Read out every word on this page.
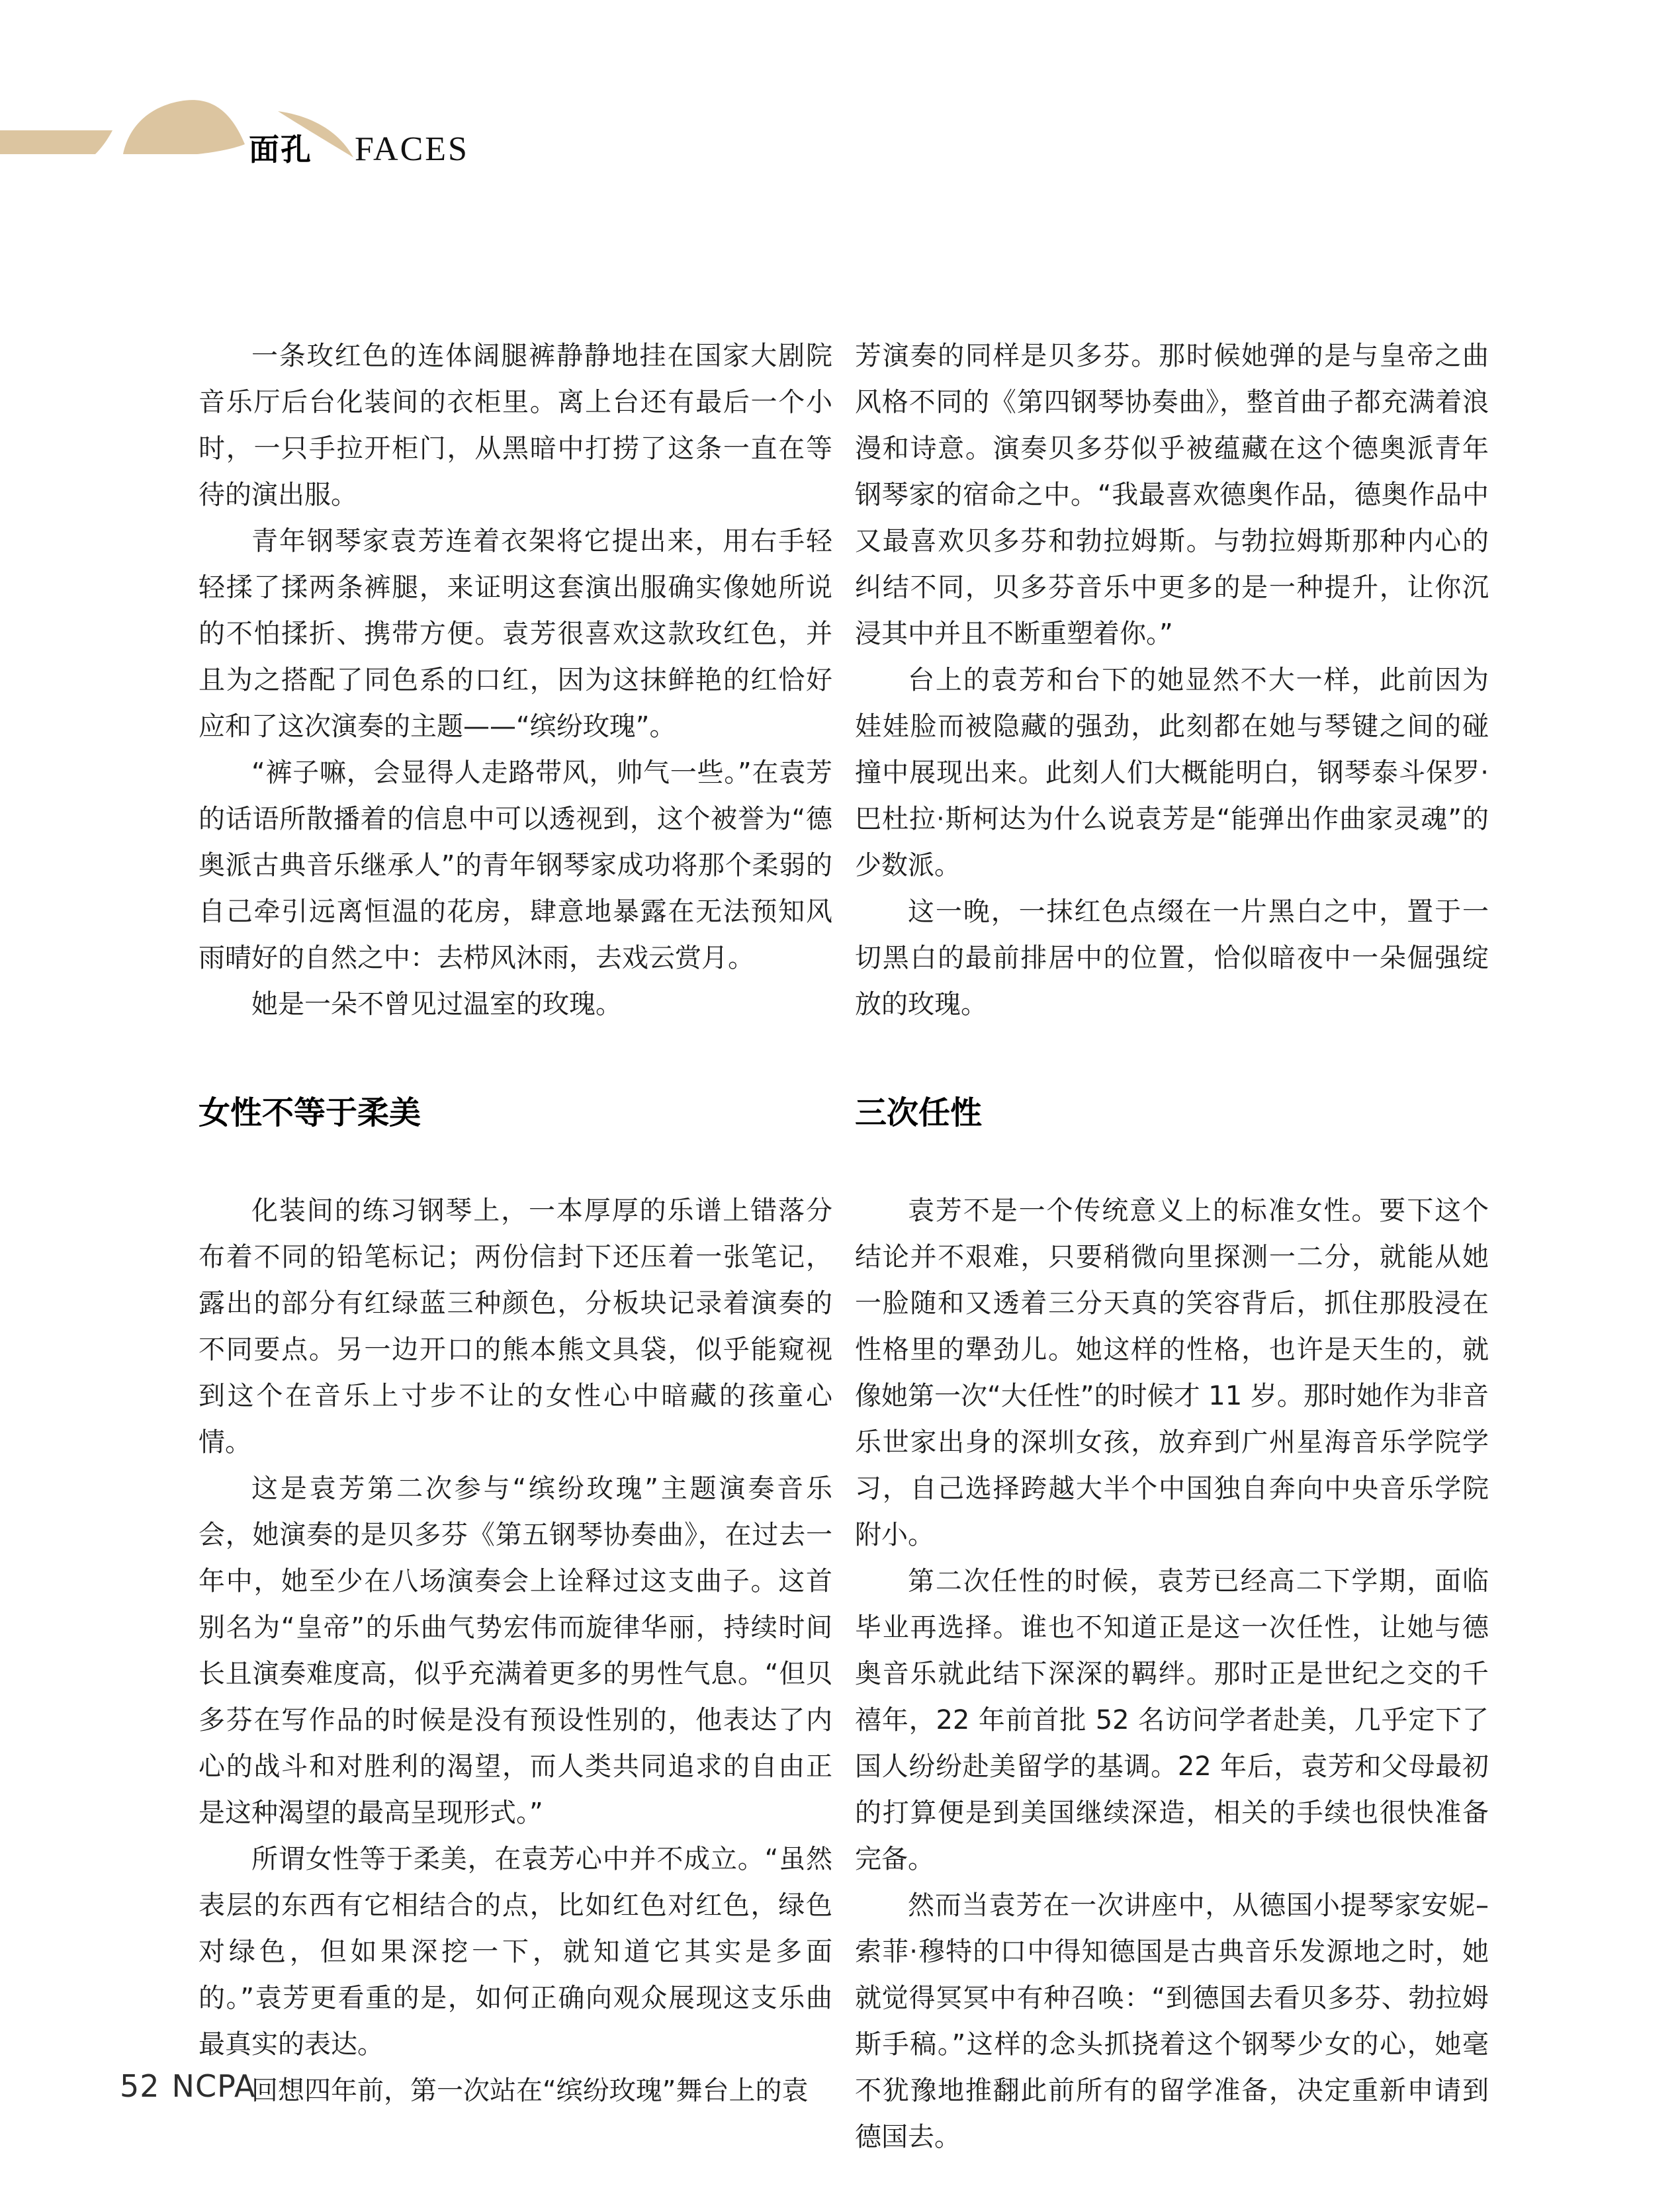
面孔 FACES

一条玫红色的连体阔腿裤静静地挂在国家大剧院音乐厅后台化装间的衣柜里。离上台还有最后一个小时，一只手拉开柜门，从黑暗中打捞了这条一直在等待的演出服。

青年钢琴家袁芳连着衣架将它提出来，用右手轻轻揉了揉两条裤腿，来证明这套演出服确实像她所说的不怕揉折、携带方便。袁芳很喜欢这款玫红色，并且为之搭配了同色系的口红，因为这抹鲜艳的红恰好应和了这次演奏的主题——“缤纷玫瑰”。

“裤子嘛，会显得人走路带风，帅气一些。”在袁芳的话语所散播着的信息中可以透视到，这个被誉为“德奥派古典音乐继承人”的青年钢琴家成功将那个柔弱的自己牵引远离恒温的花房，肆意地暴露在无法预知风雨晴好的自然之中：去栉风沐雨，去戏云赏月。

她是一朵不曾见过温室的玫瑰。

女性不等于柔美

化装间的练习钢琴上，一本厚厚的乐谱上错落分布着不同的铅笔标记；两份信封下还压着一张笔记，露出的部分有红绿蓝三种颜色，分板块记录着演奏的不同要点。另一边开口的熊本熊文具袋，似乎能窥视到这个在音乐上寸步不让的女性心中暗藏的孩童心情。

这是袁芳第二次参与“缤纷玫瑰”主题演奏音乐会，她演奏的是贝多芬《第五钢琴协奏曲》，在过去一年中，她至少在八场演奏会上诠释过这支曲子。这首别名为“皇帝”的乐曲气势宏伟而旋律华丽，持续时间长且演奏难度高，似乎充满着更多的男性气息。“但贝多芬在写作品的时候是没有预设性别的，他表达了内心的战斗和对胜利的渴望，而人类共同追求的自由正是这种渴望的最高呈现形式。”

所谓女性等于柔美，在袁芳心中并不成立。“虽然表层的东西有它相结合的点，比如红色对红色，绿色对绿色，但如果深挖一下，就知道它其实是多面的。”袁芳更看重的是，如何正确向观众展现这支乐曲最真实的表达。

回想四年前，第一次站在“缤纷玫瑰”舞台上的袁

芳演奏的同样是贝多芬。那时候她弹的是与皇帝之曲风格不同的《第四钢琴协奏曲》，整首曲子都充满着浪漫和诗意。演奏贝多芬似乎被蕴藏在这个德奥派青年钢琴家的宿命之中。“我最喜欢德奥作品，德奥作品中又最喜欢贝多芬和勃拉姆斯。与勃拉姆斯那种内心的纠结不同，贝多芬音乐中更多的是一种提升，让你沉浸其中并且不断重塑着你。”

台上的袁芳和台下的她显然不大一样，此前因为娃娃脸而被隐藏的强劲，此刻都在她与琴键之间的碰撞中展现出来。此刻人们大概能明白，钢琴泰斗保罗·巴杜拉·斯柯达为什么说袁芳是“能弹出作曲家灵魂”的少数派。

这一晚，一抹红色点缀在一片黑白之中，置于一切黑白的最前排居中的位置，恰似暗夜中一朵倔强绽放的玫瑰。

三次任性

袁芳不是一个传统意义上的标准女性。要下这个结论并不艰难，只要稍微向里探测一二分，就能从她一脸随和又透着三分天真的笑容背后，抓住那股浸在性格里的犟劲儿。她这样的性格，也许是天生的，就像她第一次“大任性”的时候才 11 岁。那时她作为非音乐世家出身的深圳女孩，放弃到广州星海音乐学院学习，自己选择跨越大半个中国独自奔向中央音乐学院附小。

第二次任性的时候，袁芳已经高二下学期，面临毕业再选择。谁也不知道正是这一次任性，让她与德奥音乐就此结下深深的羁绊。那时正是世纪之交的千禧年，22 年前首批 52 名访问学者赴美，几乎定下了国人纷纷赴美留学的基调。22 年后，袁芳和父母最初的打算便是到美国继续深造，相关的手续也很快准备完备。

然而当袁芳在一次讲座中，从德国小提琴家安妮–索菲·穆特的口中得知德国是古典音乐发源地之时，她就觉得冥冥中有种召唤：“到德国去看贝多芬、勃拉姆斯手稿。”这样的念头抓挠着这个钢琴少女的心，她毫不犹豫地推翻此前所有的留学准备，决定重新申请到德国去。

52 NCPA
